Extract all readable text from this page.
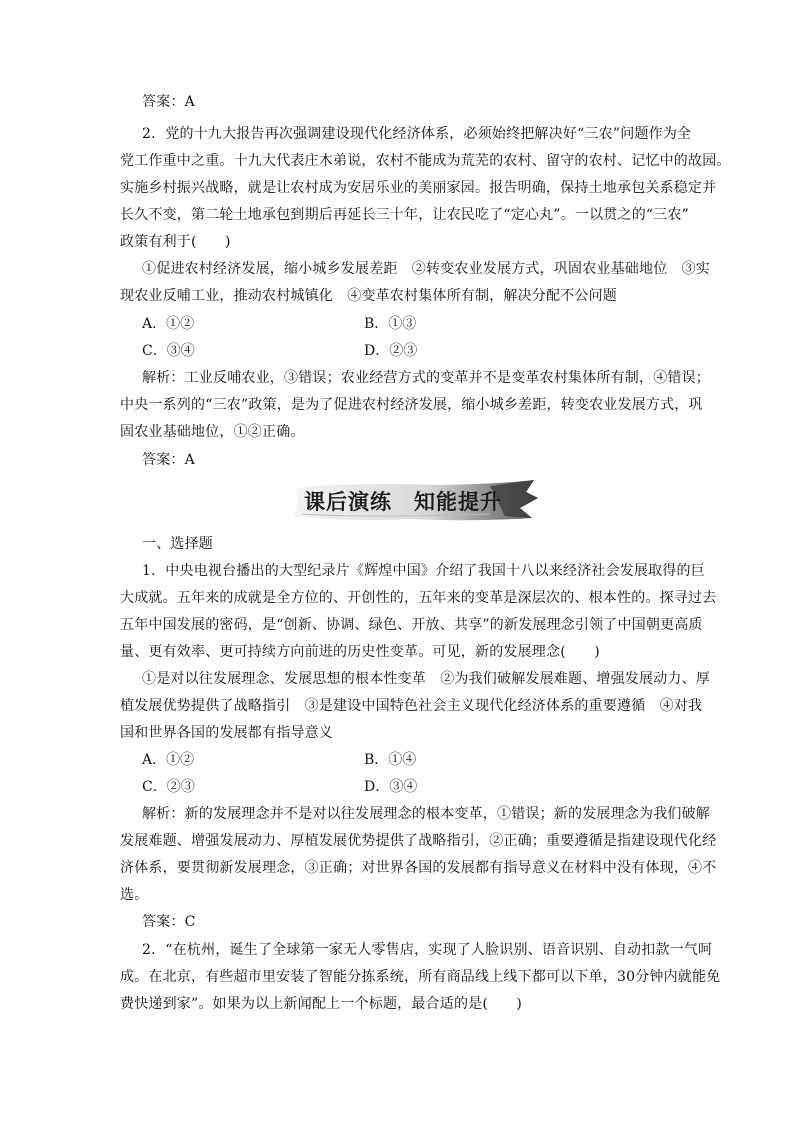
答案：A
2．党的十九大报告再次强调建设现代化经济体系，必须始终把解决好“三农”问题作为全
党工作重中之重。十九大代表庄木弟说，农村不能成为荒芜的农村、留守的农村、记忆中的故园。
实施乡村振兴战略，就是让农村成为安居乐业的美丽家园。报告明确，保持土地承包关系稳定并
长久不变，第二轮土地承包到期后再延长三十年，让农民吃了“定心丸”。一以贯之的“三农”
政策有利于(　　)
①促进农村经济发展，缩小城乡发展差距　②转变农业发展方式，巩固农业基础地位　③实
现农业反哺工业，推动农村城镇化　④变革农村集体所有制，解决分配不公问题
A．①②	B．①③
C．③④	D．②③
解析：工业反哺农业，③错误；农业经营方式的变革并不是变革农村集体所有制，④错误；
中央一系列的“三农”政策，是为了促进农村经济发展，缩小城乡差距，转变农业发展方式，巩
固农业基础地位，①②正确。
答案：A
课后演练　知能提升
一、选择题
1．中央电视台播出的大型纪录片《辉煌中国》介绍了我国十八以来经济社会发展取得的巨
大成就。五年来的成就是全方位的、开创性的，五年来的变革是深层次的、根本性的。探寻过去
五年中国发展的密码，是“创新、协调、绿色、开放、共享”的新发展理念引领了中国朝更高质
量、更有效率、更可持续方向前进的历史性变革。可见，新的发展理念(　　)
①是对以往发展理念、发展思想的根本性变革　②为我们破解发展难题、增强发展动力、厚
植发展优势提供了战略指引　③是建设中国特色社会主义现代化经济体系的重要遵循　④对我
国和世界各国的发展都有指导意义
A．①②	B．①④
C．②③	D．③④
解析：新的发展理念并不是对以往发展理念的根本变革，①错误；新的发展理念为我们破解
发展难题、增强发展动力、厚植发展优势提供了战略指引，②正确；重要遵循是指建设现代化经
济体系，要贯彻新发展理念，③正确；对世界各国的发展都有指导意义在材料中没有体现，④不
选。
答案：C
2．“在杭州，诞生了全球第一家无人零售店，实现了人脸识别、语音识别、自动扣款一气呵
成。在北京，有些超市里安装了智能分拣系统，所有商品线上线下都可以下单，30分钟内就能免
费快递到家”。如果为以上新闻配上一个标题，最合适的是(　　)
